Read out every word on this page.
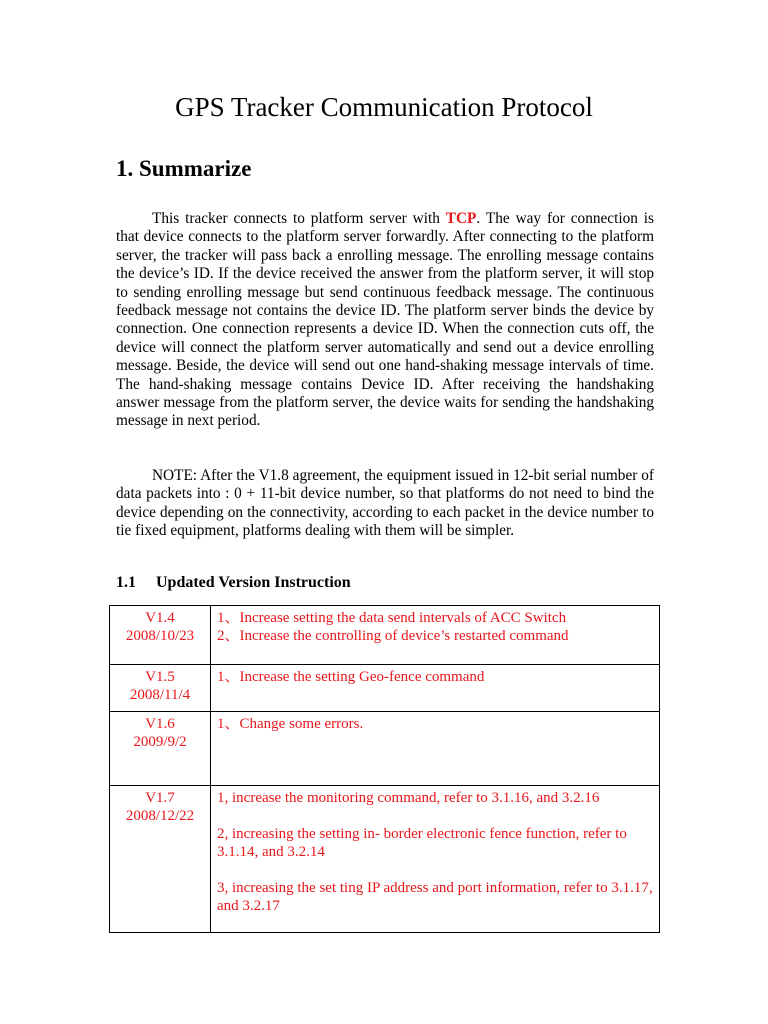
GPS Tracker Communication Protocol
1. Summarize

This tracker connects to platform server with TCP. The way for connection is that device connects to the platform server forwardly. After connecting to the platform server, the tracker will pass back a enrolling message. The enrolling message contains the device’s ID. If the device received the answer from the platform server, it will stop to sending enrolling message but send continuous feedback message. The continuous feedback message not contains the device ID. The platform server binds the device by connection. One connection represents a device ID. When the connection cuts off, the device will connect the platform server automatically and send out a device enrolling message. Beside, the device will send out one hand-shaking message intervals of time. The hand-shaking message contains Device ID. After receiving the handshaking answer message from the platform server, the device waits for sending the handshaking message in next period.

NOTE: After the V1.8 agreement, the equipment issued in 12-bit serial number of data packets into : 0 + 11-bit device number, so that platforms do not need to bind the device depending on the connectivity, according to each packet in the device number to tie fixed equipment, platforms dealing with them will be simpler.

1.1 Updated Version Instruction
V1.4
2008/10/23	1、Increase setting the data send intervals of ACC Switch
2、Increase the controlling of device’s restarted command

V1.5
2008/11/4	1、Increase the setting Geo-fence command

V1.6
2009/9/2	1、Change some errors.

V1.7
2008/12/22	1, increase the monitoring command, refer to 3.1.16, and 3.2.16
2, increasing the setting in- border electronic fence function, refer to 3.1.14, and 3.2.14
3, increasing the set ting IP address and port information, refer to 3.1.17, and 3.2.17
